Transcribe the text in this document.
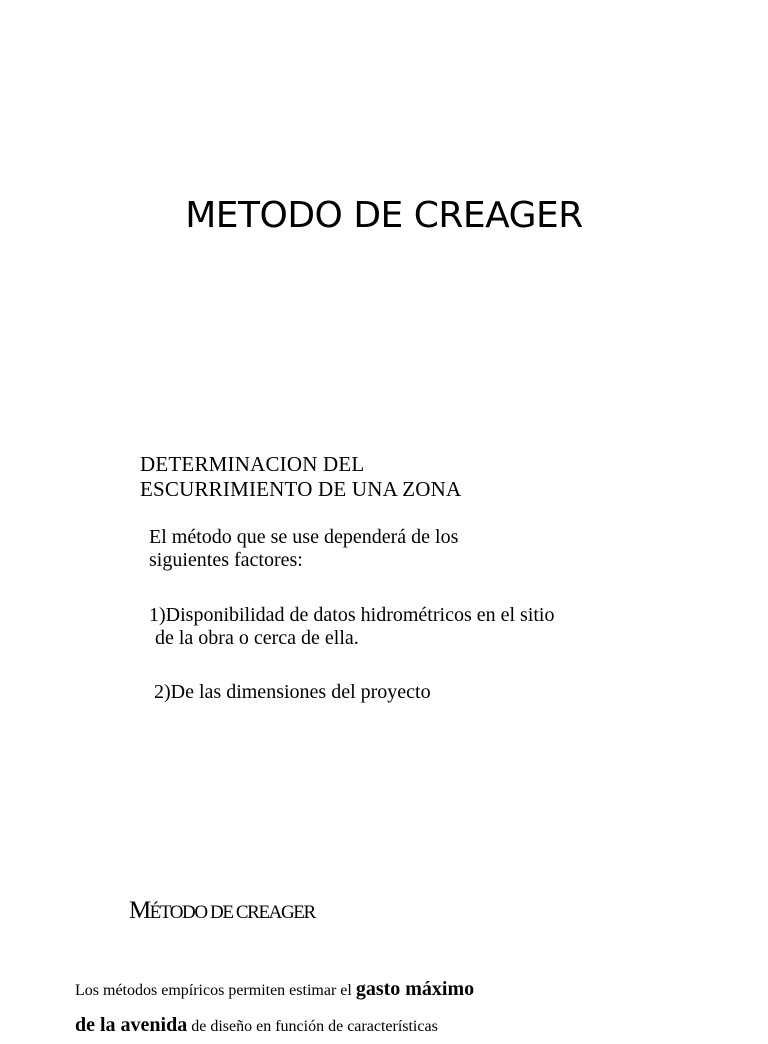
METODO DE CREAGER
DETERMINACION DEL
ESCURRIMIENTO DE UNA ZONA
El método que se use dependerá de los
siguientes factores:
1)Disponibilidad de datos hidrométricos en el sitio
de la obra o cerca de ella.
2)De las dimensiones del proyecto
MÉTODO DE CREAGER
Los métodos empíricos permiten estimar el gasto máximo
de la avenida de diseño en función de características
